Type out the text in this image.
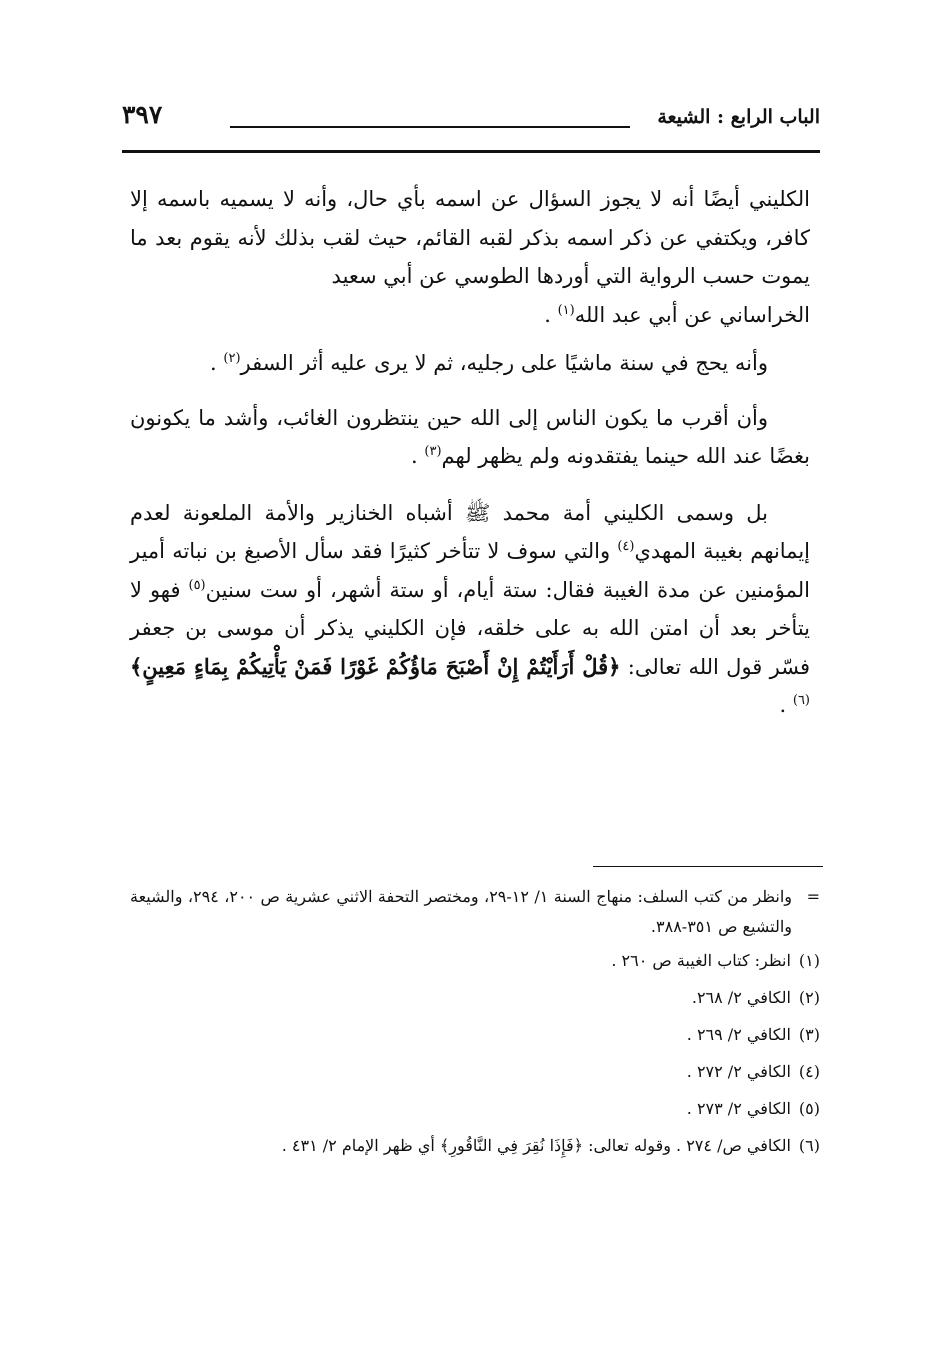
الباب الرابع : الشيعة
٣٩٧

الكليني أيضًا أنه لا يجوز السؤال عن اسمه بأي حال، وأنه لا يسميه باسمه إلا كافر، ويكتفي عن ذكر اسمه بذكر لقبه القائم، حيث لقب بذلك لأنه يقوم بعد ما يموت حسب الرواية التي أوردها الطوسي عن أبي سعيد
الخراساني عن أبي عبد الله$^{(١)}$ .

وأنه يحج في سنة ماشيًا على رجليه، ثم لا يرى عليه أثر السفر$^{(٢)}$ .

وأن أقرب ما يكون الناس إلى الله حين ينتظرون الغائب، وأشد ما يكونون بغضًا عند الله حينما يفتقدونه ولم يظهر لهم$^{(٣)}$ .

بل وسمى الكليني أمة محمد ﷺ أشباه الخنازير والأمة الملعونة لعدم إيمانهم بغيبة المهدي$^{(٤)}$ والتي سوف لا تتأخر كثيرًا فقد سأل الأصبغ بن نباته أمير المؤمنين عن مدة الغيبة فقال: ستة أيام، أو ستة أشهر، أو ست سنين$^{(٥)}$ فهو لا يتأخر بعد أن امتن الله به على خلقه، فإن الكليني يذكر أن موسى بن جعفر فسّر قول الله تعالى: ﴿قُلْ أَرَأَيْتُمْ إِنْ أَصْبَحَ مَاؤُكُمْ غَوْرًا فَمَنْ يَأْتِيكُمْ بِمَاءٍ مَعِينٍ﴾$^{(٦)}$ .

=
وانظر من كتب السلف: منهاج السنة ١/ ١٢-٢٩، ومختصر التحفة الاثني عشرية ص ٢٠٠، ٢٩٤، والشيعة والتشيع ص ٣٥١-٣٨٨.

(١)انظر: كتاب الغيبة ص ٢٦٠ .
(٢)الكافي ٢/ ٢٦٨.
(٣)الكافي ٢/ ٢٦٩ .
(٤)الكافي ٢/ ٢٧٢ .
(٥)الكافي ٢/ ٢٧٣ .
(٦)الكافي ص/ ٢٧٤ . وقوله تعالى: ﴿فَإِذَا نُقِرَ فِي النَّاقُورِ﴾ أي ظهر الإمام ٢/ ٤٣١ .
